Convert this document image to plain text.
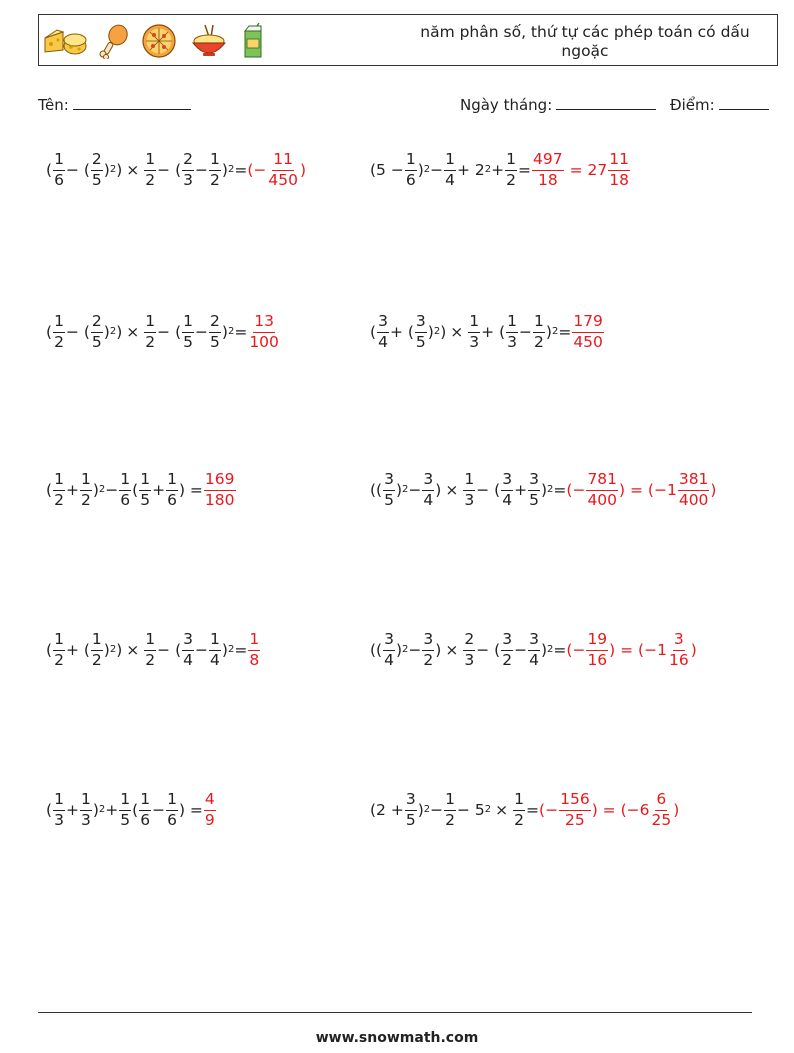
năm phân số, thứ tự các phép toán có dấu ngoặc
Tên:	Ngày tháng:	Điểm:
( $\frac{1}{6}$ − ( $\frac{2}{5}$ ) 2 ) × $\frac{1}{2}$ − ( $\frac{2}{3} - \frac{1}{2}$ ) 2 = (− $\frac{11}{450}$ )	($5 - \frac{1}{6}$ ) $2 - \frac{1}{4} + 2$ $2 + \frac{1}{2} = \frac{497}{18} = 27 \frac{11}{18}$
( $\frac{1}{2}$ − ( $\frac{2}{5}$ ) 2 ) × $\frac{1}{2}$ − ( $\frac{1}{5} - \frac{2}{5}$ ) $2 = \frac{13}{100}$	( $\frac{3}{4}$ + ( $\frac{3}{5}$ ) 2 ) × $\frac{1}{3}$ + ( $\frac{1}{3} - \frac{1}{2}$ ) $2 = \frac{179}{450}$
( $\frac{1}{2} + \frac{1}{2}$ ) $2 - \frac{1}{6}$ ( $\frac{1}{5} + \frac{1}{6}$ ) = $\frac{169}{180}$	(( $\frac{3}{5}$ ) $2 - \frac{3}{4}$ ) × $\frac{1}{3}$ − ( $\frac{3}{4} + \frac{3}{5}$ ) 2 = (− $\frac{781}{400}$ ) = ($-1 \frac{381}{400}$ )
( $\frac{1}{2}$ + ( $\frac{1}{2}$ ) 2 ) × $\frac{1}{2}$ − ( $\frac{3}{4} - \frac{1}{4}$ ) $2 = \frac{1}{8}$	(( $\frac{3}{4}$ ) $2 - \frac{3}{2}$ ) × $\frac{2}{3}$ − ( $\frac{3}{2} - \frac{3}{4}$ ) 2 = (− $\frac{19}{16}$ ) = ($-1 \frac{3}{16}$ )
( $\frac{1}{3} + \frac{1}{3}$ ) $2 + \frac{1}{5}$ ( $\frac{1}{6} - \frac{1}{6}$ ) = $\frac{4}{9}$	($2 + \frac{3}{5}$ ) $2 - \frac{1}{2} - 5$ $2 \times \frac{1}{2}$ = (− $\frac{156}{25}$ ) = ($-6 \frac{6}{25}$ )
www.snowmath.com
